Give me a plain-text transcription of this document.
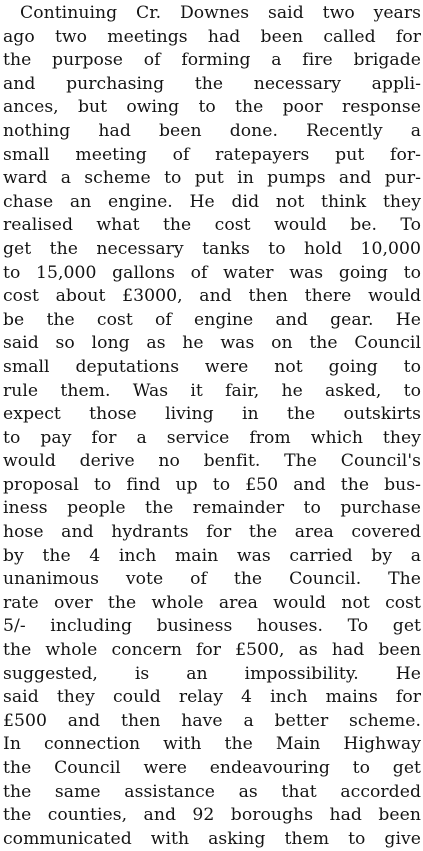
Continuing Cr. Downes said two years
ago two meetings had been called for
the purpose of forming a fire brigade
and purchasing the necessary appli-
ances, but owing to the poor response
nothing had been done. Recently a
small meeting of ratepayers put for-
ward a scheme to put in pumps and pur-
chase an engine. He did not think they
realised what the cost would be. To
get the necessary tanks to hold 10,000
to 15,000 gallons of water was going to
cost about £3000, and then there would
be the cost of engine and gear. He
said so long as he was on the Council
small deputations were not going to
rule them. Was it fair, he asked, to
expect those living in the outskirts
to pay for a service from which they
would derive no benfit. The Council's
proposal to find up to £50 and the bus-
iness people the remainder to purchase
hose and hydrants for the area covered
by the 4 inch main was carried by a
unanimous vote of the Council. The
rate over the whole area would not cost
5/- including business houses. To get
the whole concern for £500, as had been
suggested, is an impossibility. He
said they could relay 4 inch mains for
£500 and then have a better scheme.
In connection with the Main Highway
the Council were endeavouring to get
the same assistance as that accorded
the counties, and 92 boroughs had been
communicated with asking them to give
